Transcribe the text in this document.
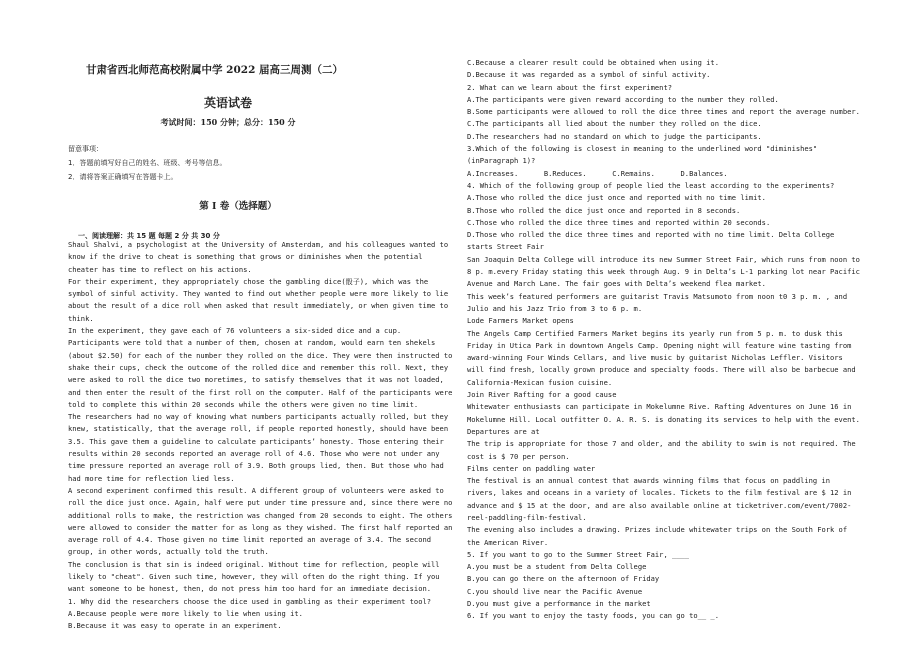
甘肃省西北师范高校附属中学 2022 届高三周测（二）
英语试卷
考试时间：150 分钟；总分：150 分
留意事项：
1．答题前填写好自己的姓名、班级、考号等信息。
2．请将答案正确填写在答题卡上。
第 I 卷（选择题）
一、阅读理解：共 15 题 每题 2 分 共 30 分

Shaul Shalvi, a psychologist at the University of Amsterdam, and his colleagues wanted to know if the drive to cheat is something that grows or diminishes when the potential cheater has time to reflect on his actions.

For their experiment, they appropriately chose the gambling dice(骰子), which was the symbol of sinful activity. They wanted to find out whether people were more likely to lie about the result of a dice roll when asked that result immediately, or when given time to think.

In the experiment, they gave each of 76 volunteers a six-sided dice and a cup. Participants were told that a number of them, chosen at random, would earn ten shekels (about $2.50) for each of the number they rolled on the dice. They were then instructed to shake their cups, check the outcome of the rolled dice and remember this roll. Next, they were asked to roll the dice two moretimes, to satisfy themselves that it was not loaded, and then enter the result of the first roll on the computer. Half of the participants were told to complete this within 20 seconds while the others were given no time limit.

The researchers had no way of knowing what numbers participants actually rolled, but they knew, statistically, that the average roll, if people reported honestly, should have been 3.5. This gave them a guideline to calculate participants’ honesty. Those entering their results within 20 seconds reported an average roll of 4.6. Those who were not under any time pressure reported an average roll of 3.9. Both groups lied, then. But those who had had more time for reflection lied less.

A second experiment confirmed this result. A different group of volunteers were asked to roll the dice just once. Again, half were put under time pressure and, since there were no additional rolls to make, the restriction was changed from 20 seconds to eight. The others were allowed to consider the matter for as long as they wished. The first half reported an average roll of 4.4. Those given no time limit reported an average of 3.4. The second group, in other words, actually told the truth.

The conclusion is that sin is indeed original. Without time for reflection, people will likely to "cheat". Given such time, however, they will often do the right thing. If you want someone to be honest, then, do not press him too hard for an immediate decision.

1. Why did the researchers choose the dice used in gambling as their experiment tool?

A.Because people were more likely to lie when using it.

B.Because it was easy to operate in an experiment.

C.Because a clearer result could be obtained when using it.

D.Because it was regarded as a symbol of sinful activity.

2. What can we learn about the first experiment?

A.The participants were given reward according to the number they rolled.

B.Some participants were allowed to roll the dice three times and report the average number.

C.The participants all lied about the number they rolled on the dice.

D.The researchers had no standard on which to judge the participants.

3.Which of the following is closest in meaning to the underlined word "diminishes"(inParagraph 1)?

A.Increases.      B.Reduces.      C.Remains.      D.Balances.

4. Which of the following group of people lied the least according to the experiments? A.Those who rolled the dice just once and reported with no time limit.

B.Those who rolled the dice just once and reported in 8 seconds.

C.Those who rolled the dice three times and reported within 20 seconds.

D.Those who rolled the dice three times and reported with no time limit. Delta College starts Street Fair

San Joaquin Delta College will introduce its new Summer Street Fair, which runs from noon to 8 p. m.every Friday stating this week through Aug. 9 in Delta’s L-1 parking lot near Pacific Avenue and March Lane. The fair goes with Delta’s weekend flea market.

This week’s featured performers are guitarist Travis Matsumoto from noon t0 3 p. m. , and Julio and his Jazz Trio from 3 to 6 p. m.

Lode Farmers Market opens

The Angels Camp Certified Farmers Market begins its yearly run from 5 p. m. to dusk this Friday in Utica Park in downtown Angels Camp. Opening night will feature wine tasting from award-winning Four Winds Cellars, and live music by guitarist Nicholas Leffler. Visitors will find fresh, locally grown produce and specialty foods. There will also be barbecue and California-Mexican fusion cuisine.

Join River Rafting for a good cause

Whitewater enthusiasts can participate in Mokelumne Rive. Rafting Adventures on June 16 in Mokelumne Hill. Local outfitter O. A. R. S. is donating its services to help with the event. Departures are at

The trip is appropriate for those 7 and older, and the ability to swim is not required. The cost is $ 70 per person.

Films center on paddling water

The festival is an annual contest that awards winning films that focus on paddling in rivers, lakes and oceans in a variety of locales. Tickets to the film festival are $ 12 in advance and $ 15 at the door, and are also available online at ticketriver.com/event/7002-reel-paddling-film-festival.

The evening also includes a drawing. Prizes include whitewater trips on the South Fork of the American River.

5. If you want to go to the Summer Street Fair, ____

A.you must be a student from Delta College

B.you can go there on the afternoon of Friday

C.you should live near the Pacific Avenue

D.you must give a performance in the market

6. If you want to enjoy the tasty foods, you can go to__ _.
